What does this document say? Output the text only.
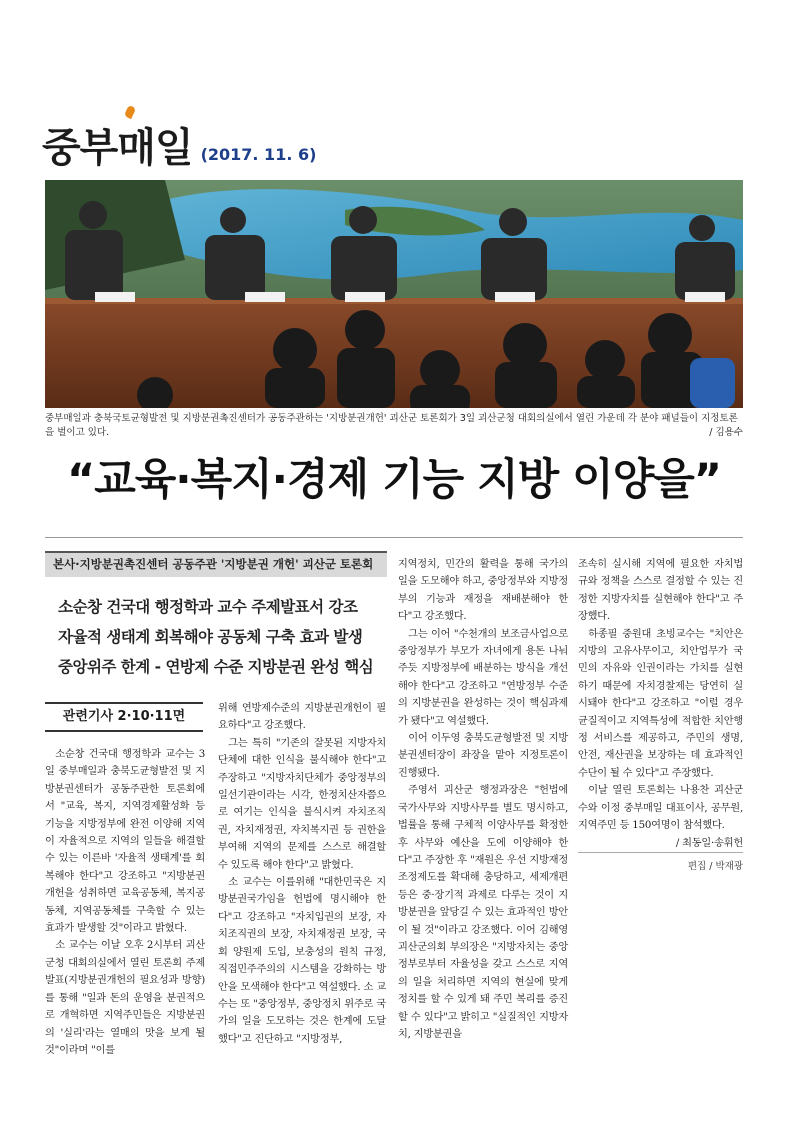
중부매일 (2017. 11. 6)
중부매일과 충북국토균형발전 및 지방분권촉진센터가 공동주관하는 '지방분권개헌' 괴산군 토론회가 3일 괴산군청 대회의실에서 열린 가운데 각 분야 패널들이 지정토론을 벌이고 있다.	/ 김용수
“교육·복지·경제 기능 지방 이양을”
본사·지방분권촉진센터 공동주관 '지방분권 개헌' 괴산군 토론회
소순창 건국대 행정학과 교수 주제발표서 강조
자율적 생태계 회복해야 공동체 구축 효과 발생
중앙위주 한계 - 연방제 수준 지방분권 완성 핵심
관련기사 2·10·11면

소순창 건국대 행정학과 교수는 3일 중부매일과 충북도균형발전 및 지방분권센터가 공동주관한 토론회에서 "교육, 복지, 지역경제활성화 등 기능을 지방정부에 완전 이양해 지역이 자율적으로 지역의 일들을 해결할 수 있는 이른바 '자율적 생태계'를 회복해야 한다"고 강조하고 "지방분권개헌을 성취하면 교육공동체, 복지공동체, 지역공동체를 구축할 수 있는 효과가 발생할 것"이라고 밝혔다.

소 교수는 이날 오후 2시부터 괴산군청 대회의실에서 열린 토론회 주제발표(지방분권개헌의 필요성과 방향)를 통해 "일과 돈의 운영을 분권적으로 개혁하면 지역주민들은 지방분권의 '실리'라는 열매의 맛을 보게 될 것"이라며 "이를

위해 연방제수준의 지방분권개헌이 필요하다"고 강조했다.

그는 특히 "기존의 잘못된 지방자치단체에 대한 인식을 불식해야 한다"고 주장하고 "지방자치단체가 중앙정부의 일선기관이라는 시각, 한정치산자쯤으로 여기는 인식을 불식시켜 자치조직권, 자치재정권, 자치복지권 등 권한을 부여해 지역의 문제를 스스로 해결할 수 있도록 해야 한다"고 밝혔다.

소 교수는 이를위해 "대한민국은 지방분권국가임을 헌법에 명시해야 한다"고 강조하고 "자치입권의 보장, 자치조직권의 보장, 자치재정권 보장, 국회 양원제 도입, 보충성의 원칙 규정, 직접민주주의의 시스템을 강화하는 방안을 모색해야 한다"고 역설했다. 소 교수는 또 "중앙정부, 중앙정치 위주로 국가의 일을 도모하는 것은 한계에 도달했다"고 진단하고 "지방정부,

지역정치, 민간의 활력을 통해 국가의 일을 도모해야 하고, 중앙정부와 지방정부의 기능과 재정을 재배분해야 한다"고 강조했다.

그는 이어 "수천개의 보조금사업으로 중앙정부가 부모가 자녀에게 용돈 나눠 주듯 지방정부에 배분하는 방식을 개선해야 한다"고 강조하고 "연방정부 수준의 지방분권을 완성하는 것이 핵심과제가 됐다"고 역설했다.

이어 이두영 충북도균형발전 및 지방분권센터장이 좌장을 맡아 지정토론이 진행됐다.

주영서 괴산군 행정과장은 "헌법에 국가사무와 지방사무를 별도 명시하고, 법률을 통해 구체적 이양사무를 확정한 후 사무와 예산을 도에 이양해야 한다"고 주장한 후 "재원은 우선 지방재정조정제도를 확대해 충당하고, 세제개편 등은 중·장기적 과제로 다루는 것이 지방분권을 앞당길 수 있는 효과적인 방안이 될 것"이라고 강조했다. 이어 김해영 괴산군의회 부의장은 "지방자치는 중앙정부로부터 자율성을 갖고 스스로 지역의 일을 처리하면 지역의 현실에 맞게 정치를 할 수 있게 돼 주민 복리를 증진할 수 있다"고 밝히고 "실질적인 지방자치, 지방분권을

조속히 실시해 지역에 필요한 자치법규와 정책을 스스로 결정할 수 있는 진정한 지방자치를 실현해야 한다"고 주장했다.

하종필 중원대 초빙교수는 "치안은 지방의 고유사무이고, 치안업무가 국민의 자유와 인권이라는 가치를 실현하기 때문에 자치경찰제는 당연히 실시돼야 한다"고 강조하고 "이럴 경우 균질적이고 지역특성에 적합한 치안행정 서비스를 제공하고, 주민의 생명, 안전, 재산권을 보장하는 데 효과적인 수단이 될 수 있다"고 주장했다.

이날 열린 토론회는 나용찬 괴산군수와 이정 중부매일 대표이사, 공무원, 지역주민 등 150여명이 참석했다.

/ 최동일·송휘헌

편집 / 박재광
